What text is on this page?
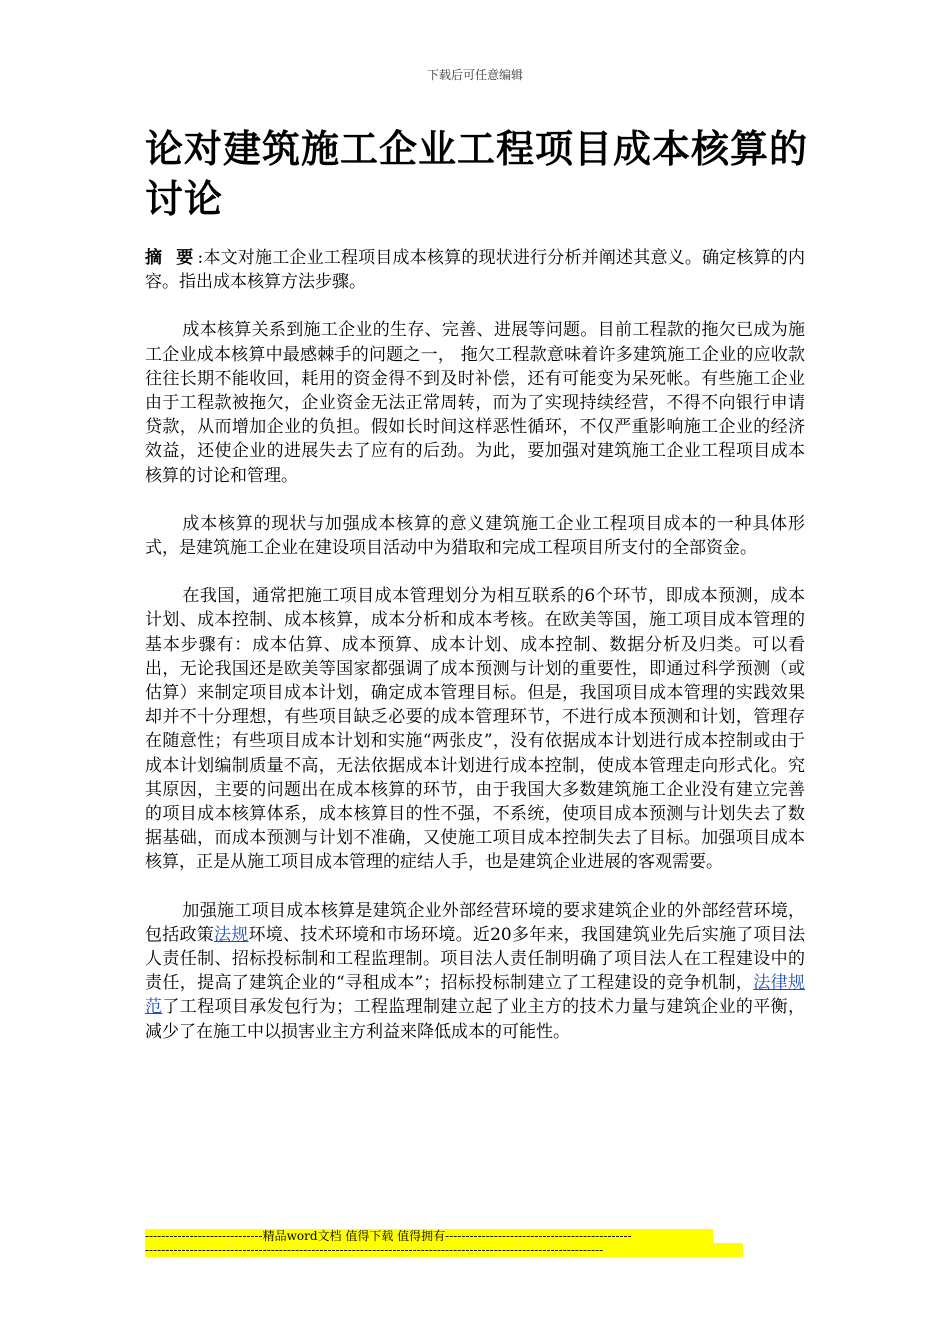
下载后可任意编辑
论对建筑施工企业工程项目成本核算的讨论

摘 要:本文对施工企业工程项目成本核算的现状进行分析并阐述其意义。确定核算的内容。指出成本核算方法步骤。

成本核算关系到施工企业的生存、完善、进展等问题。目前工程款的拖欠已成为施工企业成本核算中最感棘手的问题之一， 拖欠工程款意味着许多建筑施工企业的应收款往往长期不能收回，耗用的资金得不到及时补偿，还有可能变为呆死帐。有些施工企业由于工程款被拖欠，企业资金无法正常周转，而为了实现持续经营，不得不向银行申请贷款，从而增加企业的负担。假如长时间这样恶性循环，不仅严重影响施工企业的经济效益，还使企业的进展失去了应有的后劲。为此，要加强对建筑施工企业工程项目成本核算的讨论和管理。

成本核算的现状与加强成本核算的意义建筑施工企业工程项目成本的一种具体形式，是建筑施工企业在建设项目活动中为猎取和完成工程项目所支付的全部资金。

在我国，通常把施工项目成本管理划分为相互联系的6个环节，即成本预测，成本计划、成本控制、成本核算，成本分析和成本考核。在欧美等国，施工项目成本管理的基本步骤有：成本估算、成本预算、成本计划、成本控制、数据分析及归类。可以看出，无论我国还是欧美等国家都强调了成本预测与计划的重要性，即通过科学预测（或估算）来制定项目成本计划，确定成本管理目标。但是，我国项目成本管理的实践效果却并不十分理想，有些项目缺乏必要的成本管理环节，不进行成本预测和计划，管理存在随意性；有些项目成本计划和实施“两张皮”，没有依据成本计划进行成本控制或由于成本计划编制质量不高，无法依据成本计划进行成本控制，使成本管理走向形式化。究其原因，主要的问题出在成本核算的环节，由于我国大多数建筑施工企业没有建立完善的项目成本核算体系，成本核算目的性不强，不系统，使项目成本预测与计划失去了数据基础，而成本预测与计划不准确，又使施工项目成本控制失去了目标。加强项目成本核算，正是从施工项目成本管理的症结人手，也是建筑企业进展的客观需要。

加强施工项目成本核算是建筑企业外部经营环境的要求建筑企业的外部经营环境，包括政策法规环境、技术环境和市场环境。近20多年来，我国建筑业先后实施了项目法人责任制、招标投标制和工程监理制。项目法人责任制明确了项目法人在工程建设中的责任，提高了建筑企业的“寻租成本”；招标投标制建立了工程建设的竞争机制，法律规范了工程项目承发包行为；工程监理制建立起了业主方的技术力量与建筑企业的平衡，减少了在施工中以损害业主方利益来降低成本的可能性。

-----------------------------精品word文档 值得下载 值得拥有----------------------------------------------
-----------------------------------------------------------------------------------------------------------------
